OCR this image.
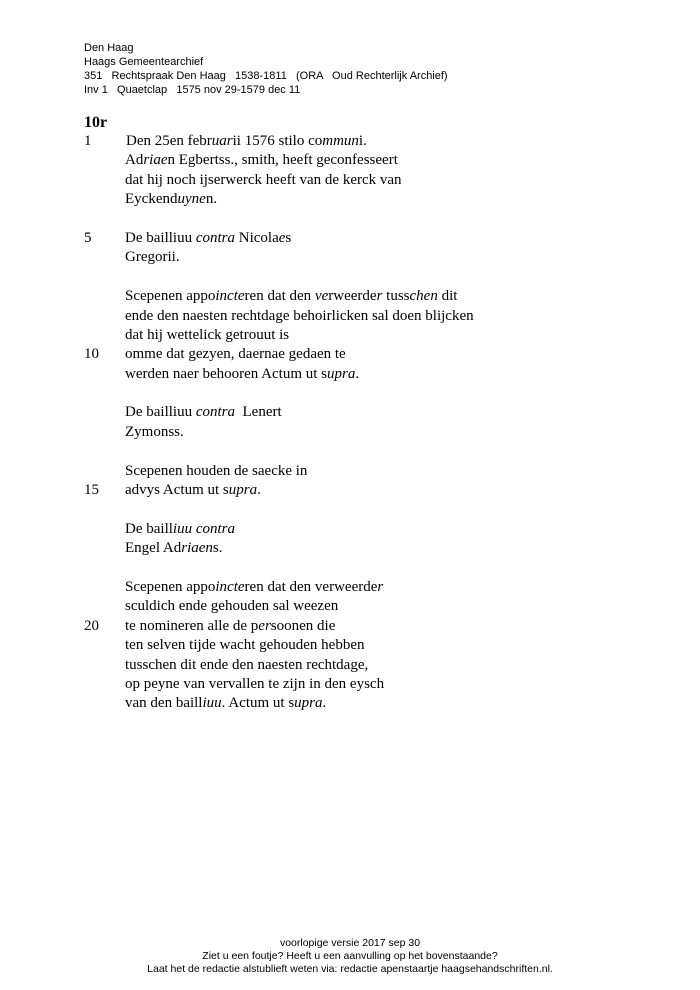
Den Haag
Haags Gemeentearchief
351   Rechtspraak Den Haag   1538-1811   (ORA   Oud Rechterlijk Archief)
Inv 1   Quaetclap   1575 nov 29-1579 dec 11
10r
1 Den 25en februarii 1576 stilo communi.
Adriaen Egbertss., smith, heeft geconfesseert
dat hij noch ijserwerck heeft van de kerck van
Eyckenduynen.
5 De bailliuu contra Nicolaes
Gregorii.
Scepenen appoincteren dat den verweerder tusschen dit
ende den naesten rechtdage behoirlicken sal doen blijcken
dat hij wettelick getrouut is
10 omme dat gezyen, daernae gedaen te
werden naer behooren Actum ut supra.
De bailliuu contra  Lenert
Zymonss.
Scepenen houden de saecke in
15 advys Actum ut supra.
De bailliuu contra
Engel Adriaens.
Scepenen appoincteren dat den verweerder
sculdich ende gehouden sal weezen
20 te nomineren alle de persoonen die
ten selven tijde wacht gehouden hebben
tusschen dit ende den naesten rechtdage,
op peyne van vervallen te zijn in den eysch
van den bailliuu. Actum ut supra.
voorlopige versie 2017 sep 30
Ziet u een foutje? Heeft u een aanvulling op het bovenstaande?
Laat het de redactie alstublieft weten via: redactie apenstaartje haagsehandschriften.nl.
